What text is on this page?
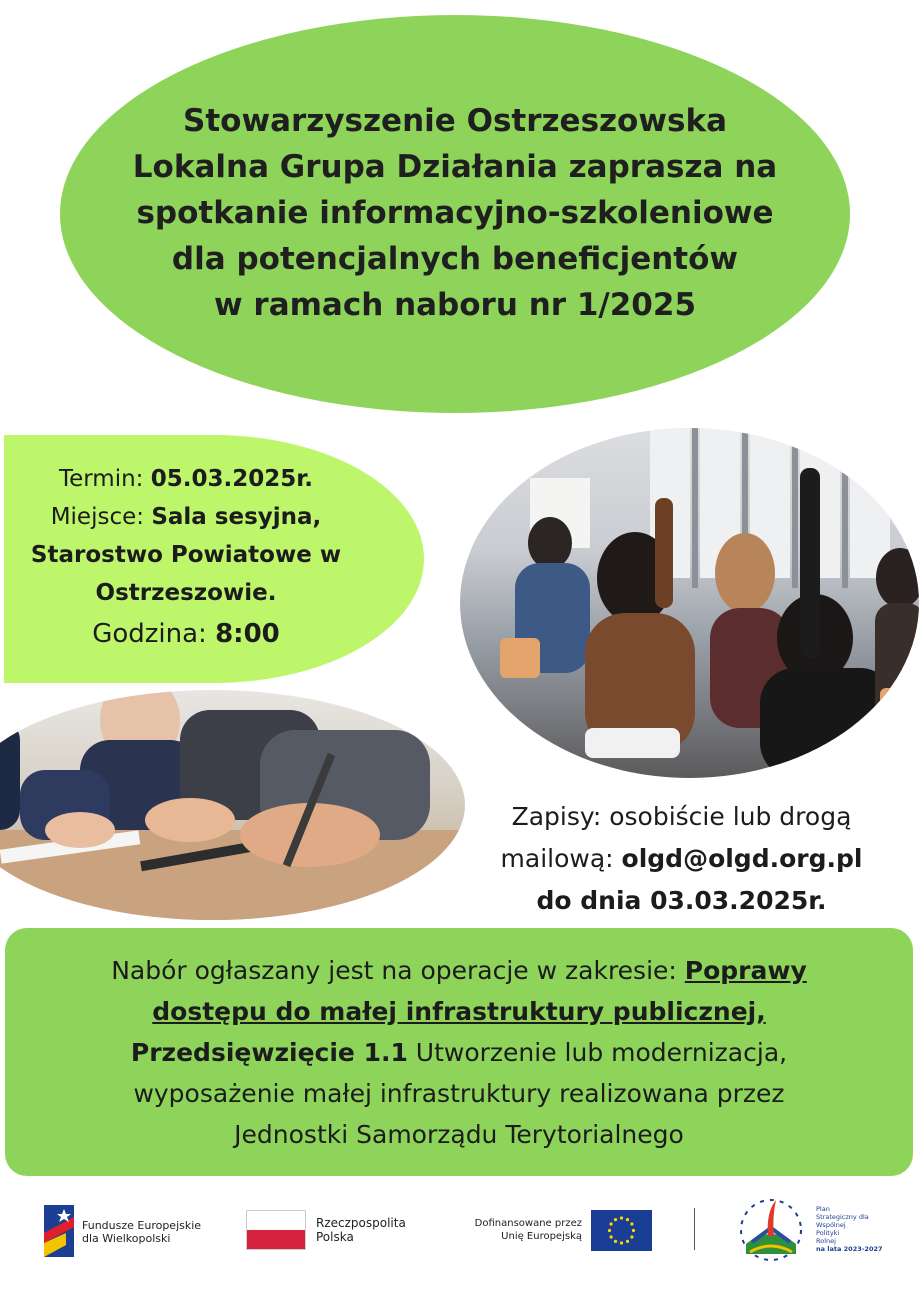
Stowarzyszenie Ostrzeszowska
Lokalna Grupa Działania zaprasza na
spotkanie informacyjno-szkoleniowe
dla potencjalnych beneficjentów
w ramach naboru nr 1/2025
Termin: 05.03.2025r.
Miejsce: Sala sesyjna,
Starostwo Powiatowe w
Ostrzeszowie.
Godzina: 8:00
Zapisy: osobiście lub drogą
mailową: olgd@olgd.org.pl
do dnia 03.03.2025r.
Nabór ogłaszany jest na operacje w zakresie: Poprawy
dostępu do małej infrastruktury publicznej,
Przedsięwzięcie 1.1 Utworzenie lub modernizacja,
wyposażenie małej infrastruktury realizowana przez
Jednostki Samorządu Terytorialnego
Fundusze Europejskie
dla Wielkopolski
Rzeczpospolita
Polska
Dofinansowane przez
Unię Europejską
Plan
Strategiczny dla
Wspólnej
Polityki
Rolnej
na lata 2023-2027
